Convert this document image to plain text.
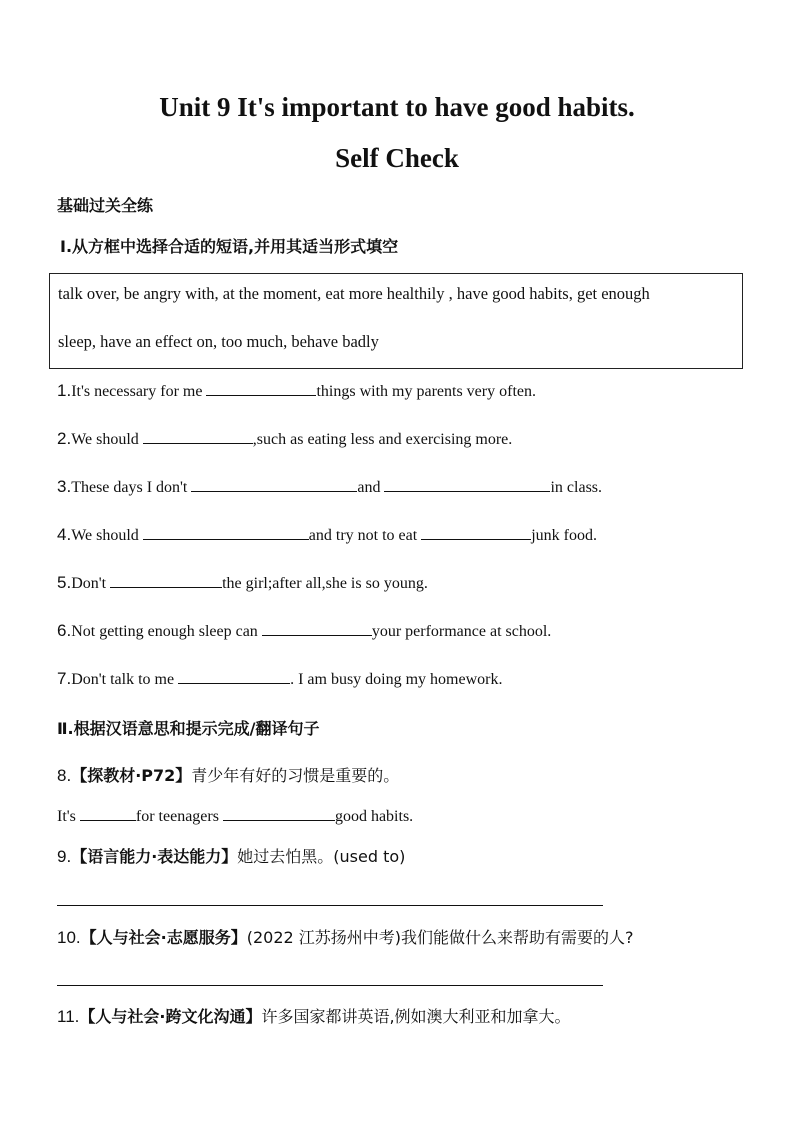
Unit 9 It's important to have good habits.
Self Check
基础过关全练
Ⅰ.从方框中选择合适的短语,并用其适当形式填空
talk over, be angry with, at the moment, eat more healthily , have good habits, get enough
sleep, have an effect on, too much, behave badly
1.It's necessary for me	things with my parents very often.
2.We should	,such as eating less and exercising more.
3.These days I don't	and	in class.
4.We should	and try not to eat	junk food.
5.Don't	the girl;after all,she is so young.
6.Not getting enough sleep can	your performance at school.
7.Don't talk to me	. I am busy doing my homework.
Ⅱ.根据汉语意思和提示完成/翻译句子
8.【探教材·P72】青少年有好的习惯是重要的。
It's	for teenagers	good habits.
9.【语言能力·表达能力】她过去怕黑。(used to)
10.【人与社会·志愿服务】(2022 江苏扬州中考)我们能做什么来帮助有需要的人?
11.【人与社会·跨文化沟通】许多国家都讲英语,例如澳大利亚和加拿大。
